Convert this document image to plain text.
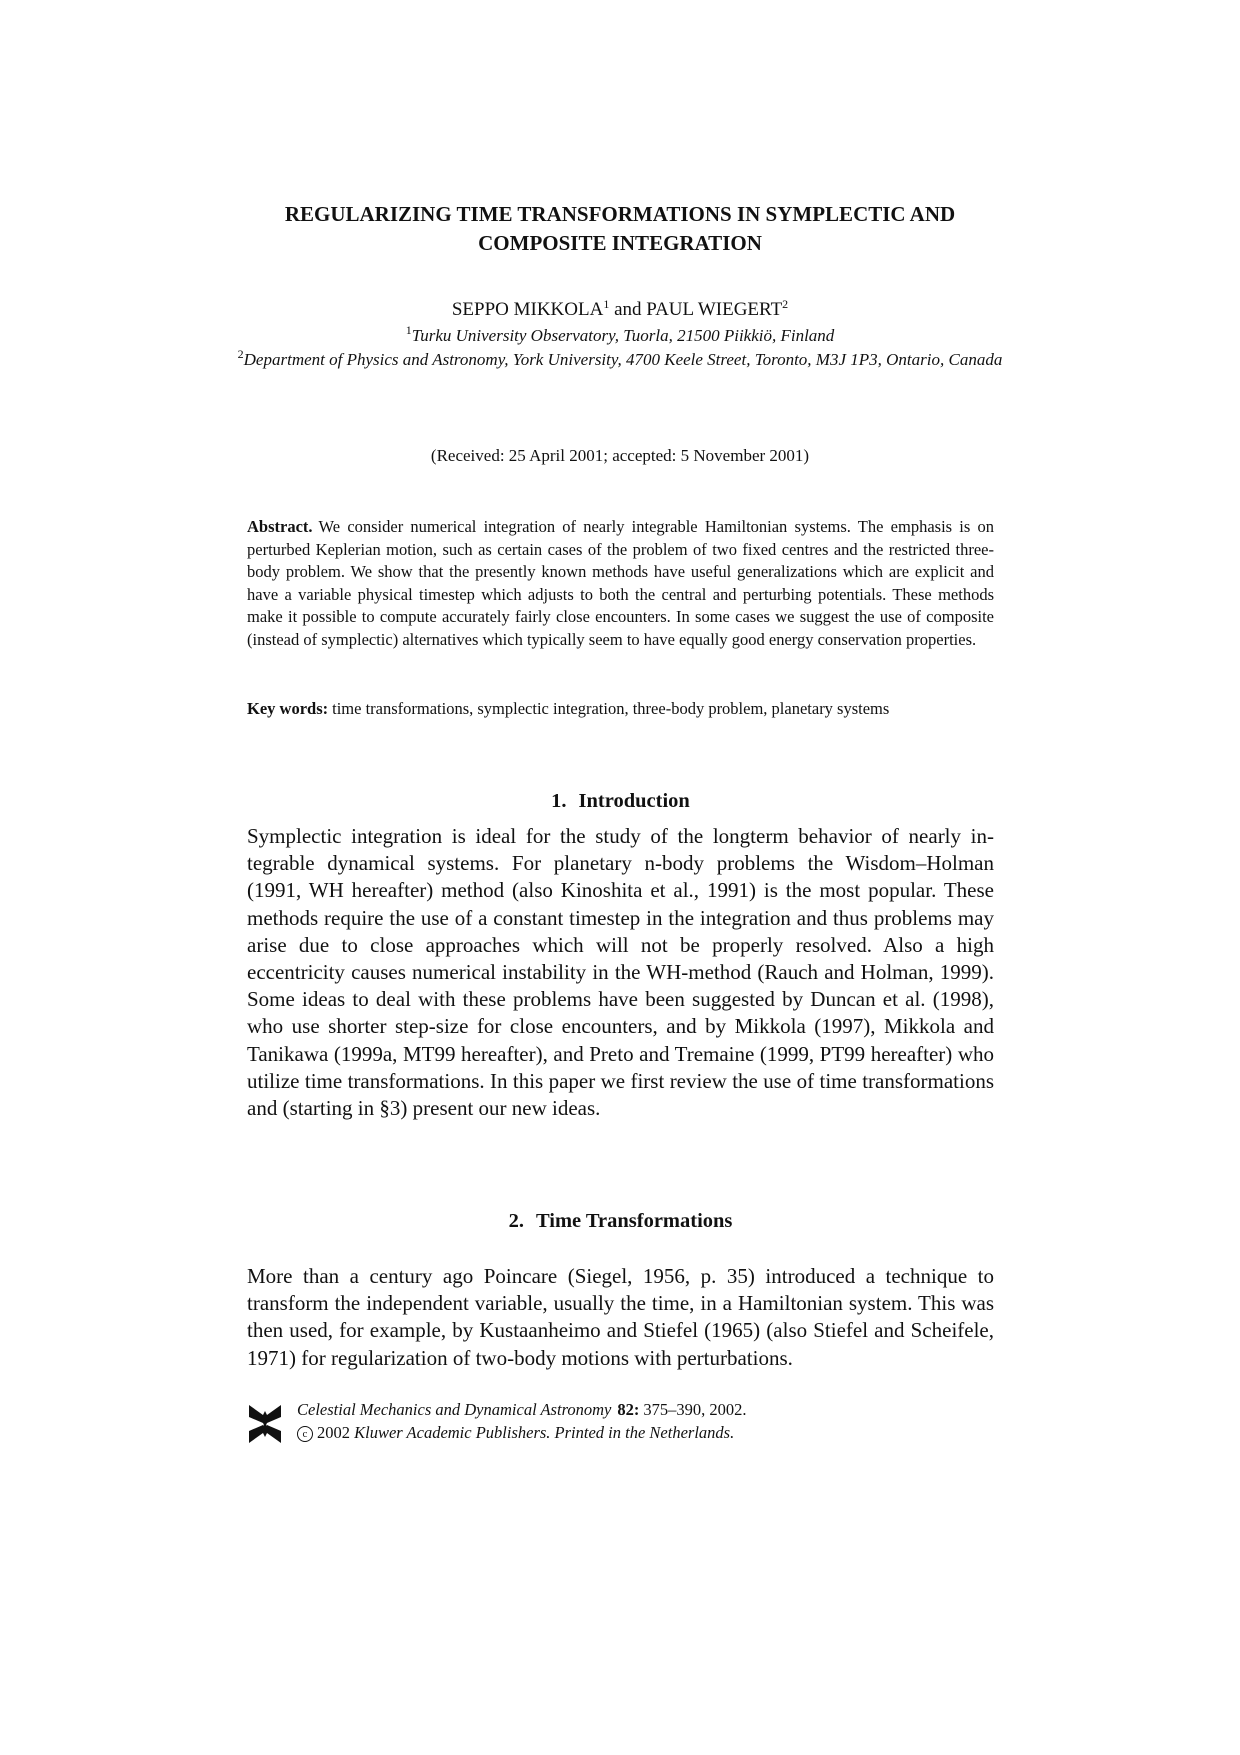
REGULARIZING TIME TRANSFORMATIONS IN SYMPLECTIC AND
COMPOSITE INTEGRATION
SEPPO MIKKOLA$^1$ and PAUL WIEGERT$^2$
$^1$Turku University Observatory, Tuorla, 21500 Piikkiö, Finland
$^2$Department of Physics and Astronomy, York University, 4700 Keele Street, Toronto, M3J 1P3, Ontario, Canada
(Received: 25 April 2001; accepted: 5 November 2001)
Abstract. We consider numerical integration of nearly integrable Hamiltonian systems. The emphasis is on perturbed Keplerian motion, such as certain cases of the problem of two fixed centres and the restricted three-body problem. We show that the presently known methods have useful generalizations which are explicit and have a variable physical timestep which adjusts to both the central and perturbing potentials. These methods make it possible to compute accurately fairly close encounters. In some cases we suggest the use of composite (instead of symplectic) alternatives which typically seem to have equally good energy conservation properties.
Key words: time transformations, symplectic integration, three-body problem, planetary systems
1. Introduction
Symplectic integration is ideal for the study of the longterm behavior of nearly integrable dynamical systems. For planetary n-body problems the Wisdom–Holman (1991, WH hereafter) method (also Kinoshita et al., 1991) is the most popular. These methods require the use of a constant timestep in the integration and thus problems may arise due to close approaches which will not be properly resolved. Also a high eccentricity causes numerical instability in the WH-method (Rauch and Holman, 1999). Some ideas to deal with these problems have been suggested by Duncan et al. (1998), who use shorter step-size for close encounters, and by Mikkola (1997), Mikkola and Tanikawa (1999a, MT99 hereafter), and Preto and Tremaine (1999, PT99 hereafter) who utilize time transformations. In this paper we first review the use of time transformations and (starting in §3) present our new ideas.
2. Time Transformations
More than a century ago Poincare (Siegel, 1956, p. 35) introduced a technique to transform the independent variable, usually the time, in a Hamiltonian system. This was then used, for example, by Kustaanheimo and Stiefel (1965) (also Stiefel and Scheifele, 1971) for regularization of two-body motions with perturbations.
Celestial Mechanics and Dynamical Astronomy 82: 375–390, 2002.
c 2002 Kluwer Academic Publishers. Printed in the Netherlands.
